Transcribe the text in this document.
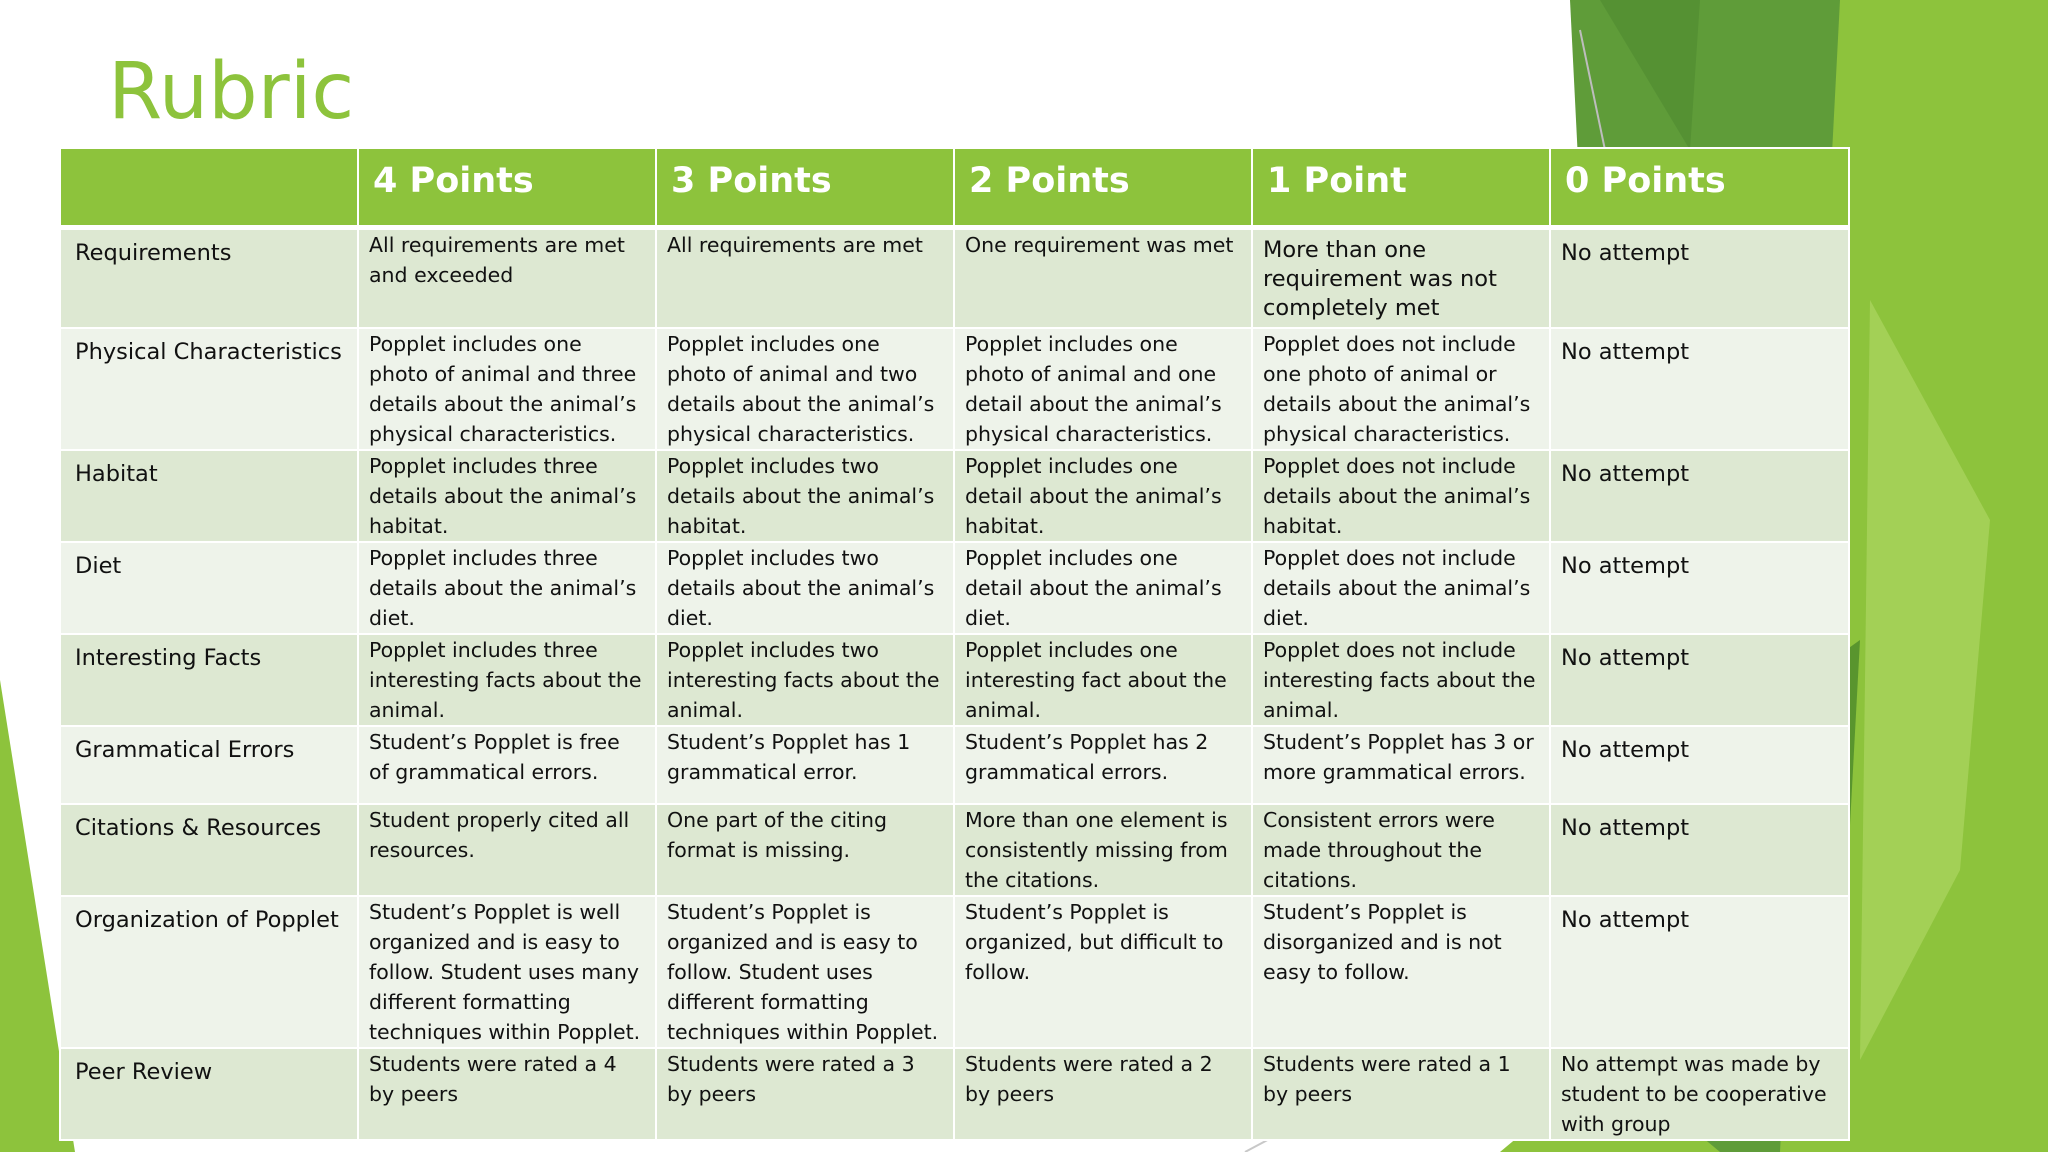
Rubric
	4 Points	3 Points	2 Points	1 Point	0 Points
Requirements	All requirements are met and exceeded	All requirements are met	One requirement was met	More than one requirement was not completely met	No attempt
Physical Characteristics	Popplet includes one photo of animal and three details about the animal’s physical characteristics.	Popplet includes one photo of animal and two details about the animal’s physical characteristics.	Popplet includes one photo of animal and one detail about the animal’s physical characteristics.	Popplet does not include one photo of animal or details about the animal’s physical characteristics.	No attempt
Habitat	Popplet includes three details about the animal’s habitat.	Popplet includes two details about the animal’s habitat.	Popplet includes one detail about the animal’s habitat.	Popplet does not include details about the animal’s habitat.	No attempt
Diet	Popplet includes three details about the animal’s diet.	Popplet includes two details about the animal’s diet.	Popplet includes one detail about the animal’s diet.	Popplet does not include details about the animal’s diet.	No attempt
Interesting Facts	Popplet includes three interesting facts about the animal.	Popplet includes two interesting facts about the animal.	Popplet includes one interesting fact about the animal.	Popplet does not include interesting facts about the animal.	No attempt
Grammatical Errors	Student’s Popplet is free of grammatical errors.	Student’s Popplet has 1 grammatical error.	Student’s Popplet has 2 grammatical errors.	Student’s Popplet has 3 or more grammatical errors.	No attempt
Citations & Resources	Student properly cited all resources.	One part of the citing format is missing.	More than one element is consistently missing from the citations.	Consistent errors were made throughout the citations.	No attempt
Organization of Popplet	Student’s Popplet is well organized and is easy to follow. Student uses many different formatting techniques within Popplet.	Student’s Popplet is organized and is easy to follow. Student uses different formatting techniques within Popplet.	Student’s Popplet is organized, but difficult to follow.	Student’s Popplet is disorganized and is not easy to follow.	No attempt
Peer Review	Students were rated a 4 by peers	Students were rated a 3 by peers	Students were rated a 2 by peers	Students were rated a 1 by peers	No attempt was made by student to be cooperative with group
